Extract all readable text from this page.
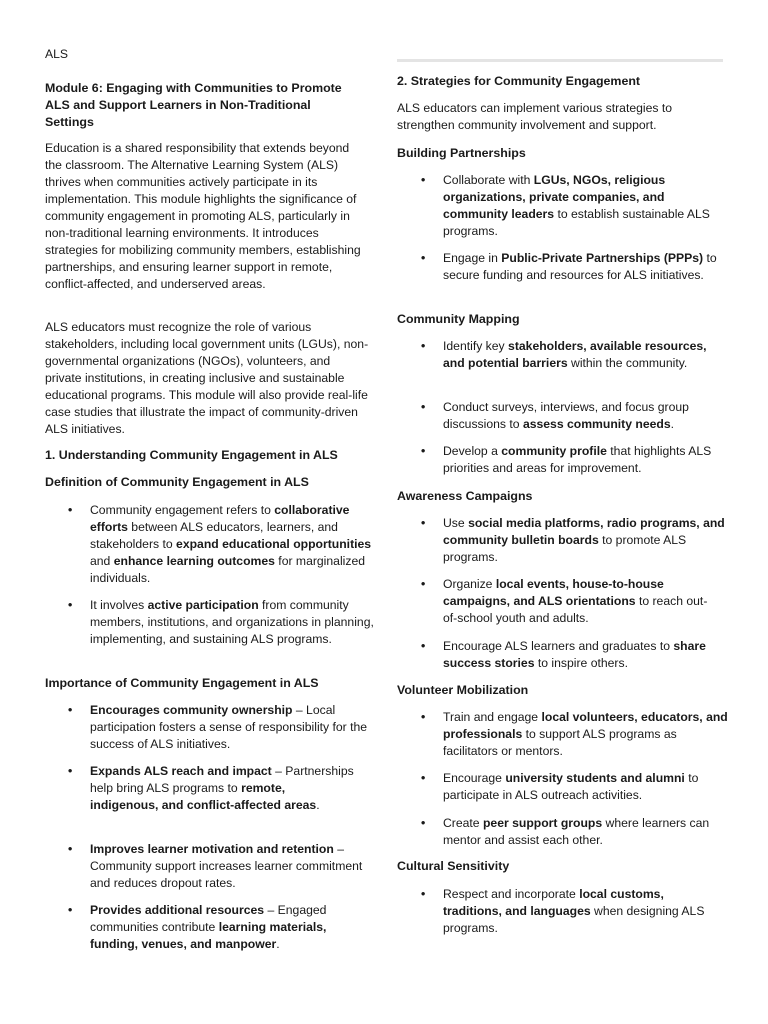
ALS
Module 6: Engaging with Communities to Promote ALS and Support Learners in Non-Traditional Settings

Education is a shared responsibility that extends beyond the classroom. The Alternative Learning System (ALS) thrives when communities actively participate in its implementation. This module highlights the significance of community engagement in promoting ALS, particularly in non-traditional learning environments. It introduces strategies for mobilizing community members, establishing partnerships, and ensuring learner support in remote, conflict-affected, and underserved areas.

ALS educators must recognize the role of various stakeholders, including local government units (LGUs), non-governmental organizations (NGOs), volunteers, and private institutions, in creating inclusive and sustainable educational programs. This module will also provide real-life case studies that illustrate the impact of community-driven ALS initiatives.

1. Understanding Community Engagement in ALS
Definition of Community Engagement in ALS
• Community engagement refers to collaborative efforts between ALS educators, learners, and stakeholders to expand educational opportunities and enhance learning outcomes for marginalized individuals.
• It involves active participation from community members, institutions, and organizations in planning, implementing, and sustaining ALS programs.
Importance of Community Engagement in ALS
• Encourages community ownership – Local participation fosters a sense of responsibility for the success of ALS initiatives.
• Expands ALS reach and impact – Partnerships help bring ALS programs to remote, indigenous, and conflict-affected areas.
• Improves learner motivation and retention – Community support increases learner commitment and reduces dropout rates.
• Provides additional resources – Engaged communities contribute learning materials, funding, venues, and manpower.
2. Strategies for Community Engagement

ALS educators can implement various strategies to strengthen community involvement and support.

Building Partnerships
• Collaborate with LGUs, NGOs, religious organizations, private companies, and community leaders to establish sustainable ALS programs.
• Engage in Public-Private Partnerships (PPPs) to secure funding and resources for ALS initiatives.
Community Mapping
• Identify key stakeholders, available resources, and potential barriers within the community.
• Conduct surveys, interviews, and focus group discussions to assess community needs.
• Develop a community profile that highlights ALS priorities and areas for improvement.
Awareness Campaigns
• Use social media platforms, radio programs, and community bulletin boards to promote ALS programs.
• Organize local events, house-to-house campaigns, and ALS orientations to reach out-of-school youth and adults.
• Encourage ALS learners and graduates to share success stories to inspire others.
Volunteer Mobilization
• Train and engage local volunteers, educators, and professionals to support ALS programs as facilitators or mentors.
• Encourage university students and alumni to participate in ALS outreach activities.
• Create peer support groups where learners can mentor and assist each other.
Cultural Sensitivity
• Respect and incorporate local customs, traditions, and languages when designing ALS programs.
